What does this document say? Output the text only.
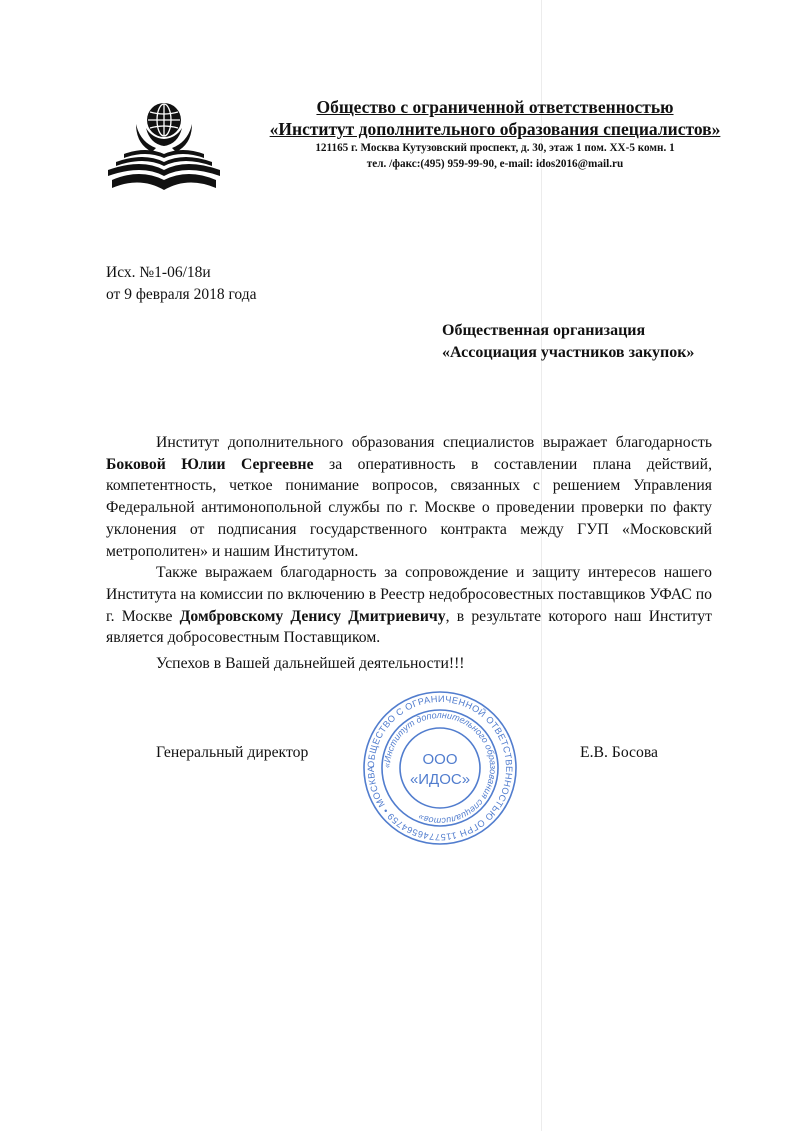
Общество с ограниченной ответственностью
«Институт дополнительного образования специалистов»
121165 г. Москва Кутузовский проспект, д. 30, этаж 1 пом. ХХ-5 комн. 1
тел. /факс:(495) 959-99-90, e-mail: idos2016@mail.ru
Исх. №1-06/18и
от 9 февраля 2018 года
Общественная организация
«Ассоциация участников закупок»

Институт дополнительного образования специалистов выражает благодарность Боковой Юлии Сергеевне за оперативность в составлении плана действий, компетентность, четкое понимание вопросов, связанных с решением Управления Федеральной антимонопольной службы по г. Москве о проведении проверки по факту уклонения от подписания государственного контракта между ГУП «Московский метрополитен» и нашим Институтом.

Также выражаем благодарность за сопровождение и защиту интересов нашего Института на комиссии по включению в Реестр недобросовестных поставщиков УФАС по г. Москве Домбровскому Денису Дмитриевичу, в результате которого наш Институт является добросовестным Поставщиком.

Успехов в Вашей дальнейшей деятельности!!!
Генеральный директор	Е.В. Босова
ОБЩЕСТВО С ОГРАНИЧЕННОЙ ОТВЕТСТВЕННОСТЬЮ ОГРН 1157746564759 • МОСКВА
«Институт дополнительного образования специалистов»
ООО
«ИДОС»
